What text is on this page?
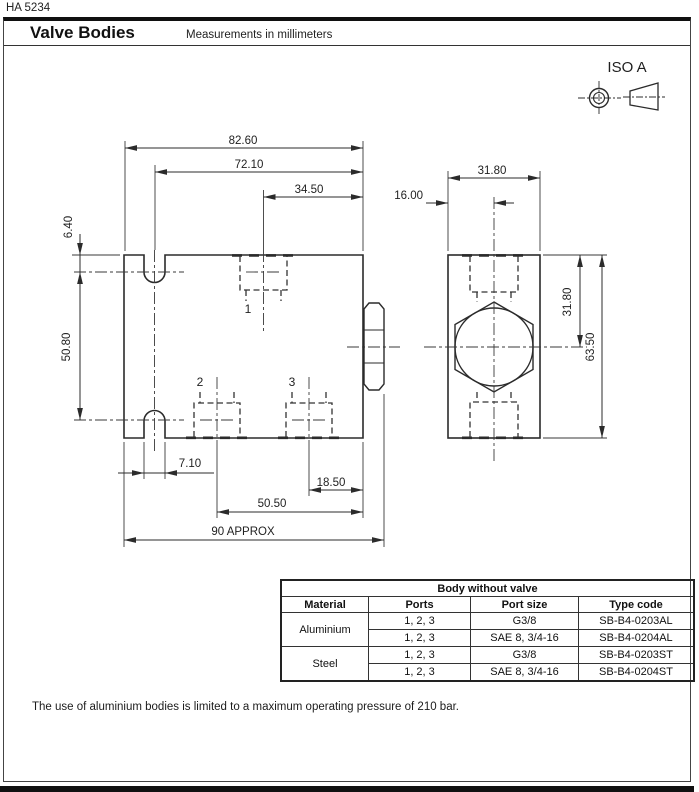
HA 5234
Valve Bodies	Measurements in millimeters
ISO A
1
2	3
82.60
72.10
34.50
6.40
50.80
7.10
18.50
50.50
90 APPROX
31.80
16.00
31.80
63.50
Body without valve			
Material	Ports	Port size	Type code
Aluminium	1, 2, 3	G3/8	SB-B4-0203AL
	1, 2, 3	SAE 8, 3/4-16	SB-B4-0204AL
Steel	1, 2, 3	G3/8	SB-B4-0203ST
	1, 2, 3	SAE 8, 3/4-16	SB-B4-0204ST
The use of aluminium bodies is limited to a maximum operating pressure of 210 bar.
